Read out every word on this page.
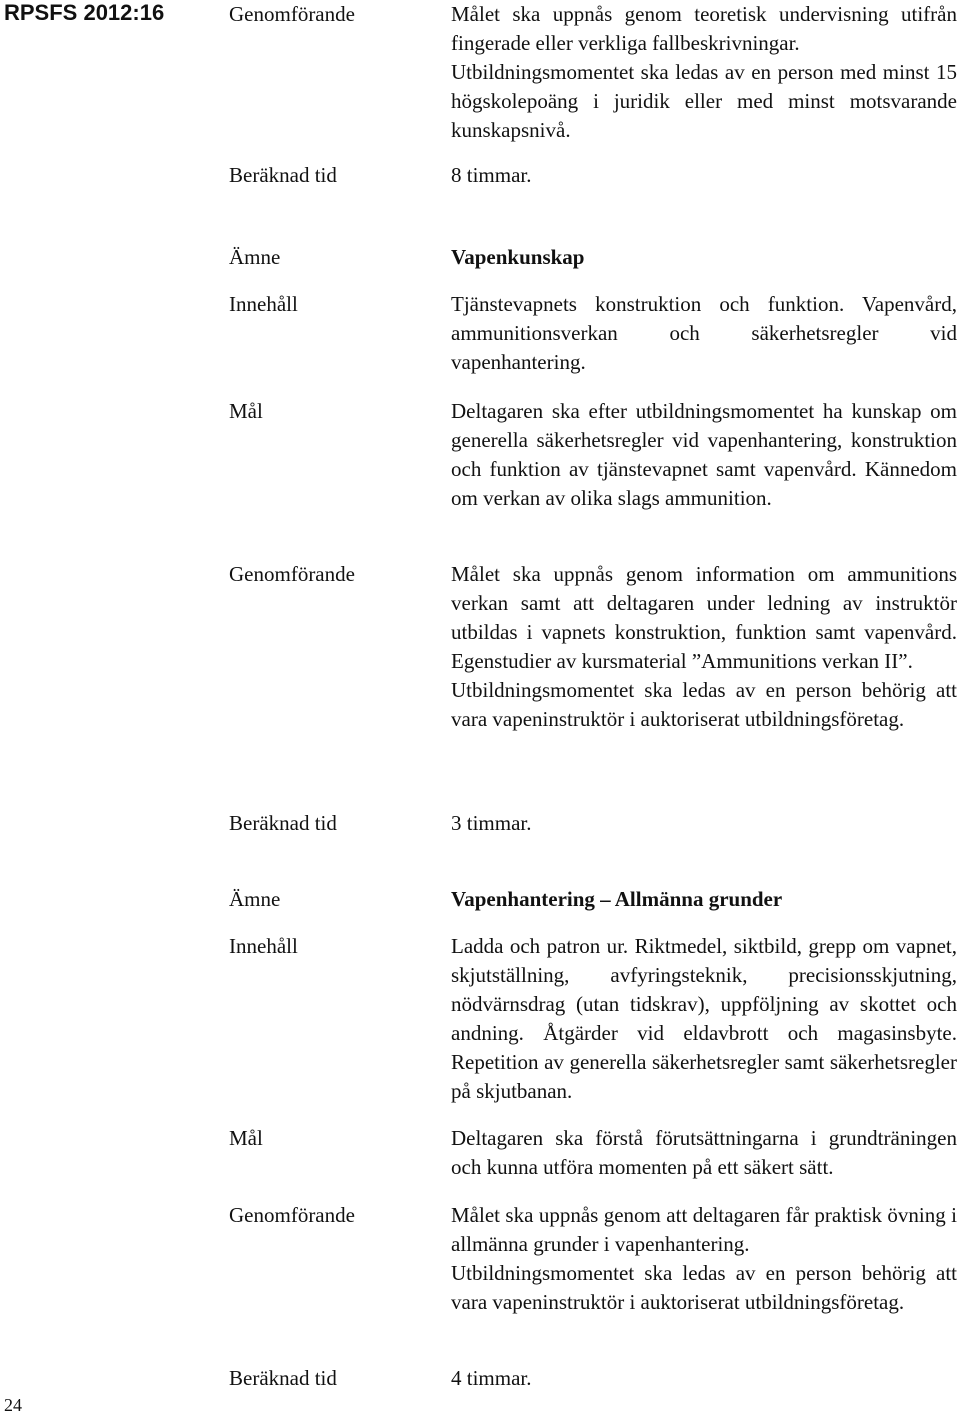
RPSFS 2012:16	Genomförande	Målet ska uppnås genom teoretisk undervisning utifrån fingerade eller verkliga fallbeskrivningar.

Utbildningsmomentet ska ledas av en person med minst 15 högskolepoäng i juridik eller med minst motsvarande kunskapsnivå.

Beräknad tid	8 timmar.
Ämne	Vapenkunskap
Innehåll	Tjänstevapnets konstruktion och funktion. Vapenvård, ammunitionsverkan och säkerhetsregler vid vapenhantering.
Mål	Deltagaren ska efter utbildningsmomentet ha kunskap om generella säkerhetsregler vid vapenhantering, konstruktion och funktion av tjänstevapnet samt vapenvård. Kännedom om verkan av olika slags ammunition.
Genomförande	Målet ska uppnås genom information om ammunitions verkan samt att deltagaren under ledning av instruktör utbildas i vapnets konstruktion, funktion samt vapenvård. Egenstudier av kursmaterial ”Ammunitions verkan II”.

Utbildningsmomentet ska ledas av en person behörig att vara vapeninstruktör i auktoriserat utbildningsföretag.

Beräknad tid	3 timmar.
Ämne	Vapenhantering – Allmänna grunder
Innehåll	Ladda och patron ur. Riktmedel, siktbild, grepp om vapnet, skjutställning, avfyringsteknik, precisionsskjutning, nödvärnsdrag (utan tidskrav), uppföljning av skottet och andning. Åtgärder vid eldavbrott och magasinsbyte. Repetition av generella säkerhetsregler samt säkerhetsregler på skjutbanan.
Mål	Deltagaren ska förstå förutsättningarna i grundträningen och kunna utföra momenten på ett säkert sätt.
Genomförande	Målet ska uppnås genom att deltagaren får praktisk övning i allmänna grunder i vapenhantering.

Utbildningsmomentet ska ledas av en person behörig att vara vapeninstruktör i auktoriserat utbildningsföretag.

Beräknad tid	4 timmar.
24
